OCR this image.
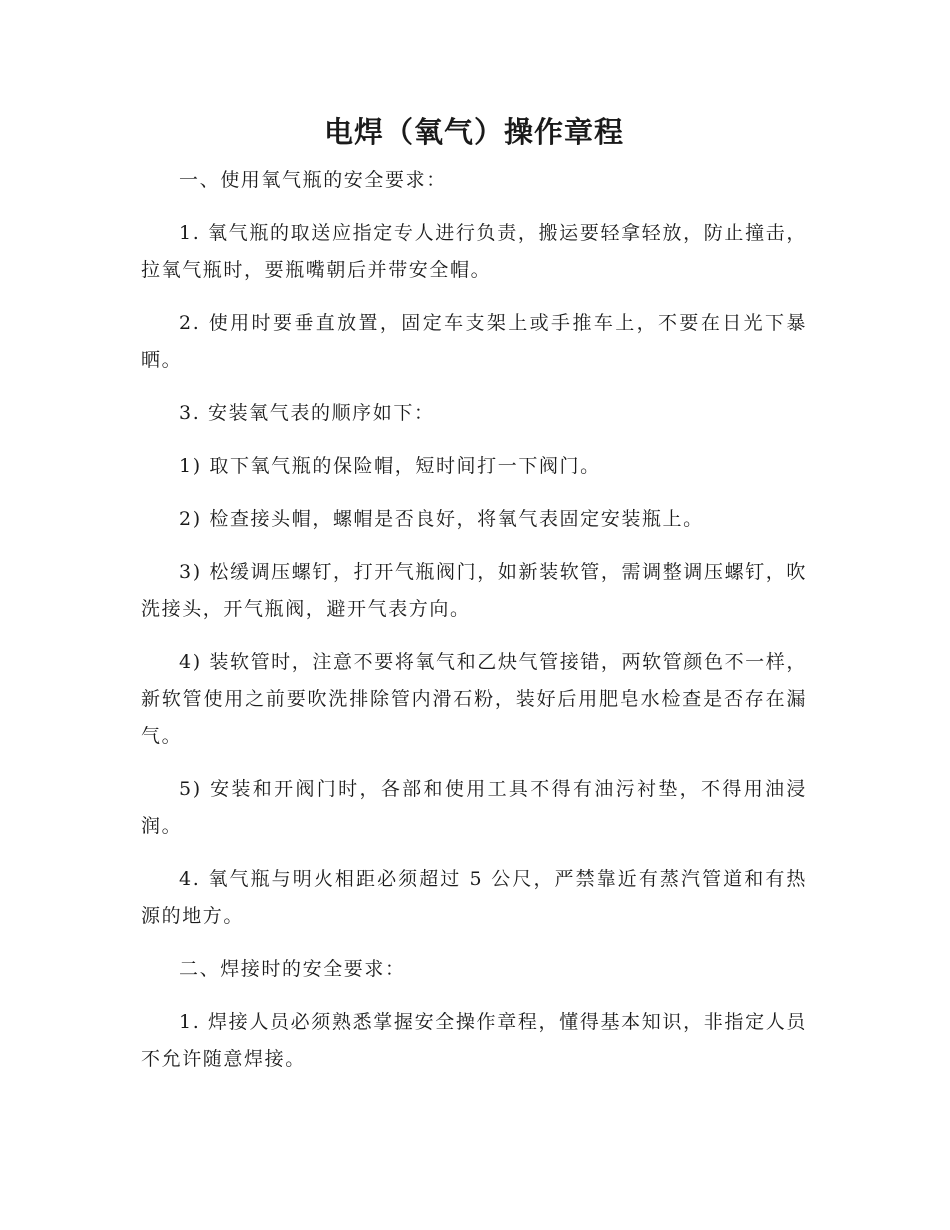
电焊（氧气）操作章程

一、使用氧气瓶的安全要求：

1. 氧气瓶的取送应指定专人进行负责，搬运要轻拿轻放，防止撞击，拉氧气瓶时，要瓶嘴朝后并带安全帽。

2. 使用时要垂直放置，固定车支架上或手推车上，不要在日光下暴晒。

3. 安装氧气表的顺序如下：

1) 取下氧气瓶的保险帽，短时间打一下阀门。

2) 检查接头帽，螺帽是否良好，将氧气表固定安装瓶上。

3) 松缓调压螺钉，打开气瓶阀门，如新装软管，需调整调压螺钉，吹洗接头，开气瓶阀，避开气表方向。

4) 装软管时，注意不要将氧气和乙炔气管接错，两软管颜色不一样，新软管使用之前要吹洗排除管内滑石粉，装好后用肥皂水检查是否存在漏气。

5) 安装和开阀门时，各部和使用工具不得有油污衬垫，不得用油浸润。

4. 氧气瓶与明火相距必须超过 5 公尺，严禁靠近有蒸汽管道和有热源的地方。

二、焊接时的安全要求：

1. 焊接人员必须熟悉掌握安全操作章程，懂得基本知识，非指定人员不允许随意焊接。
